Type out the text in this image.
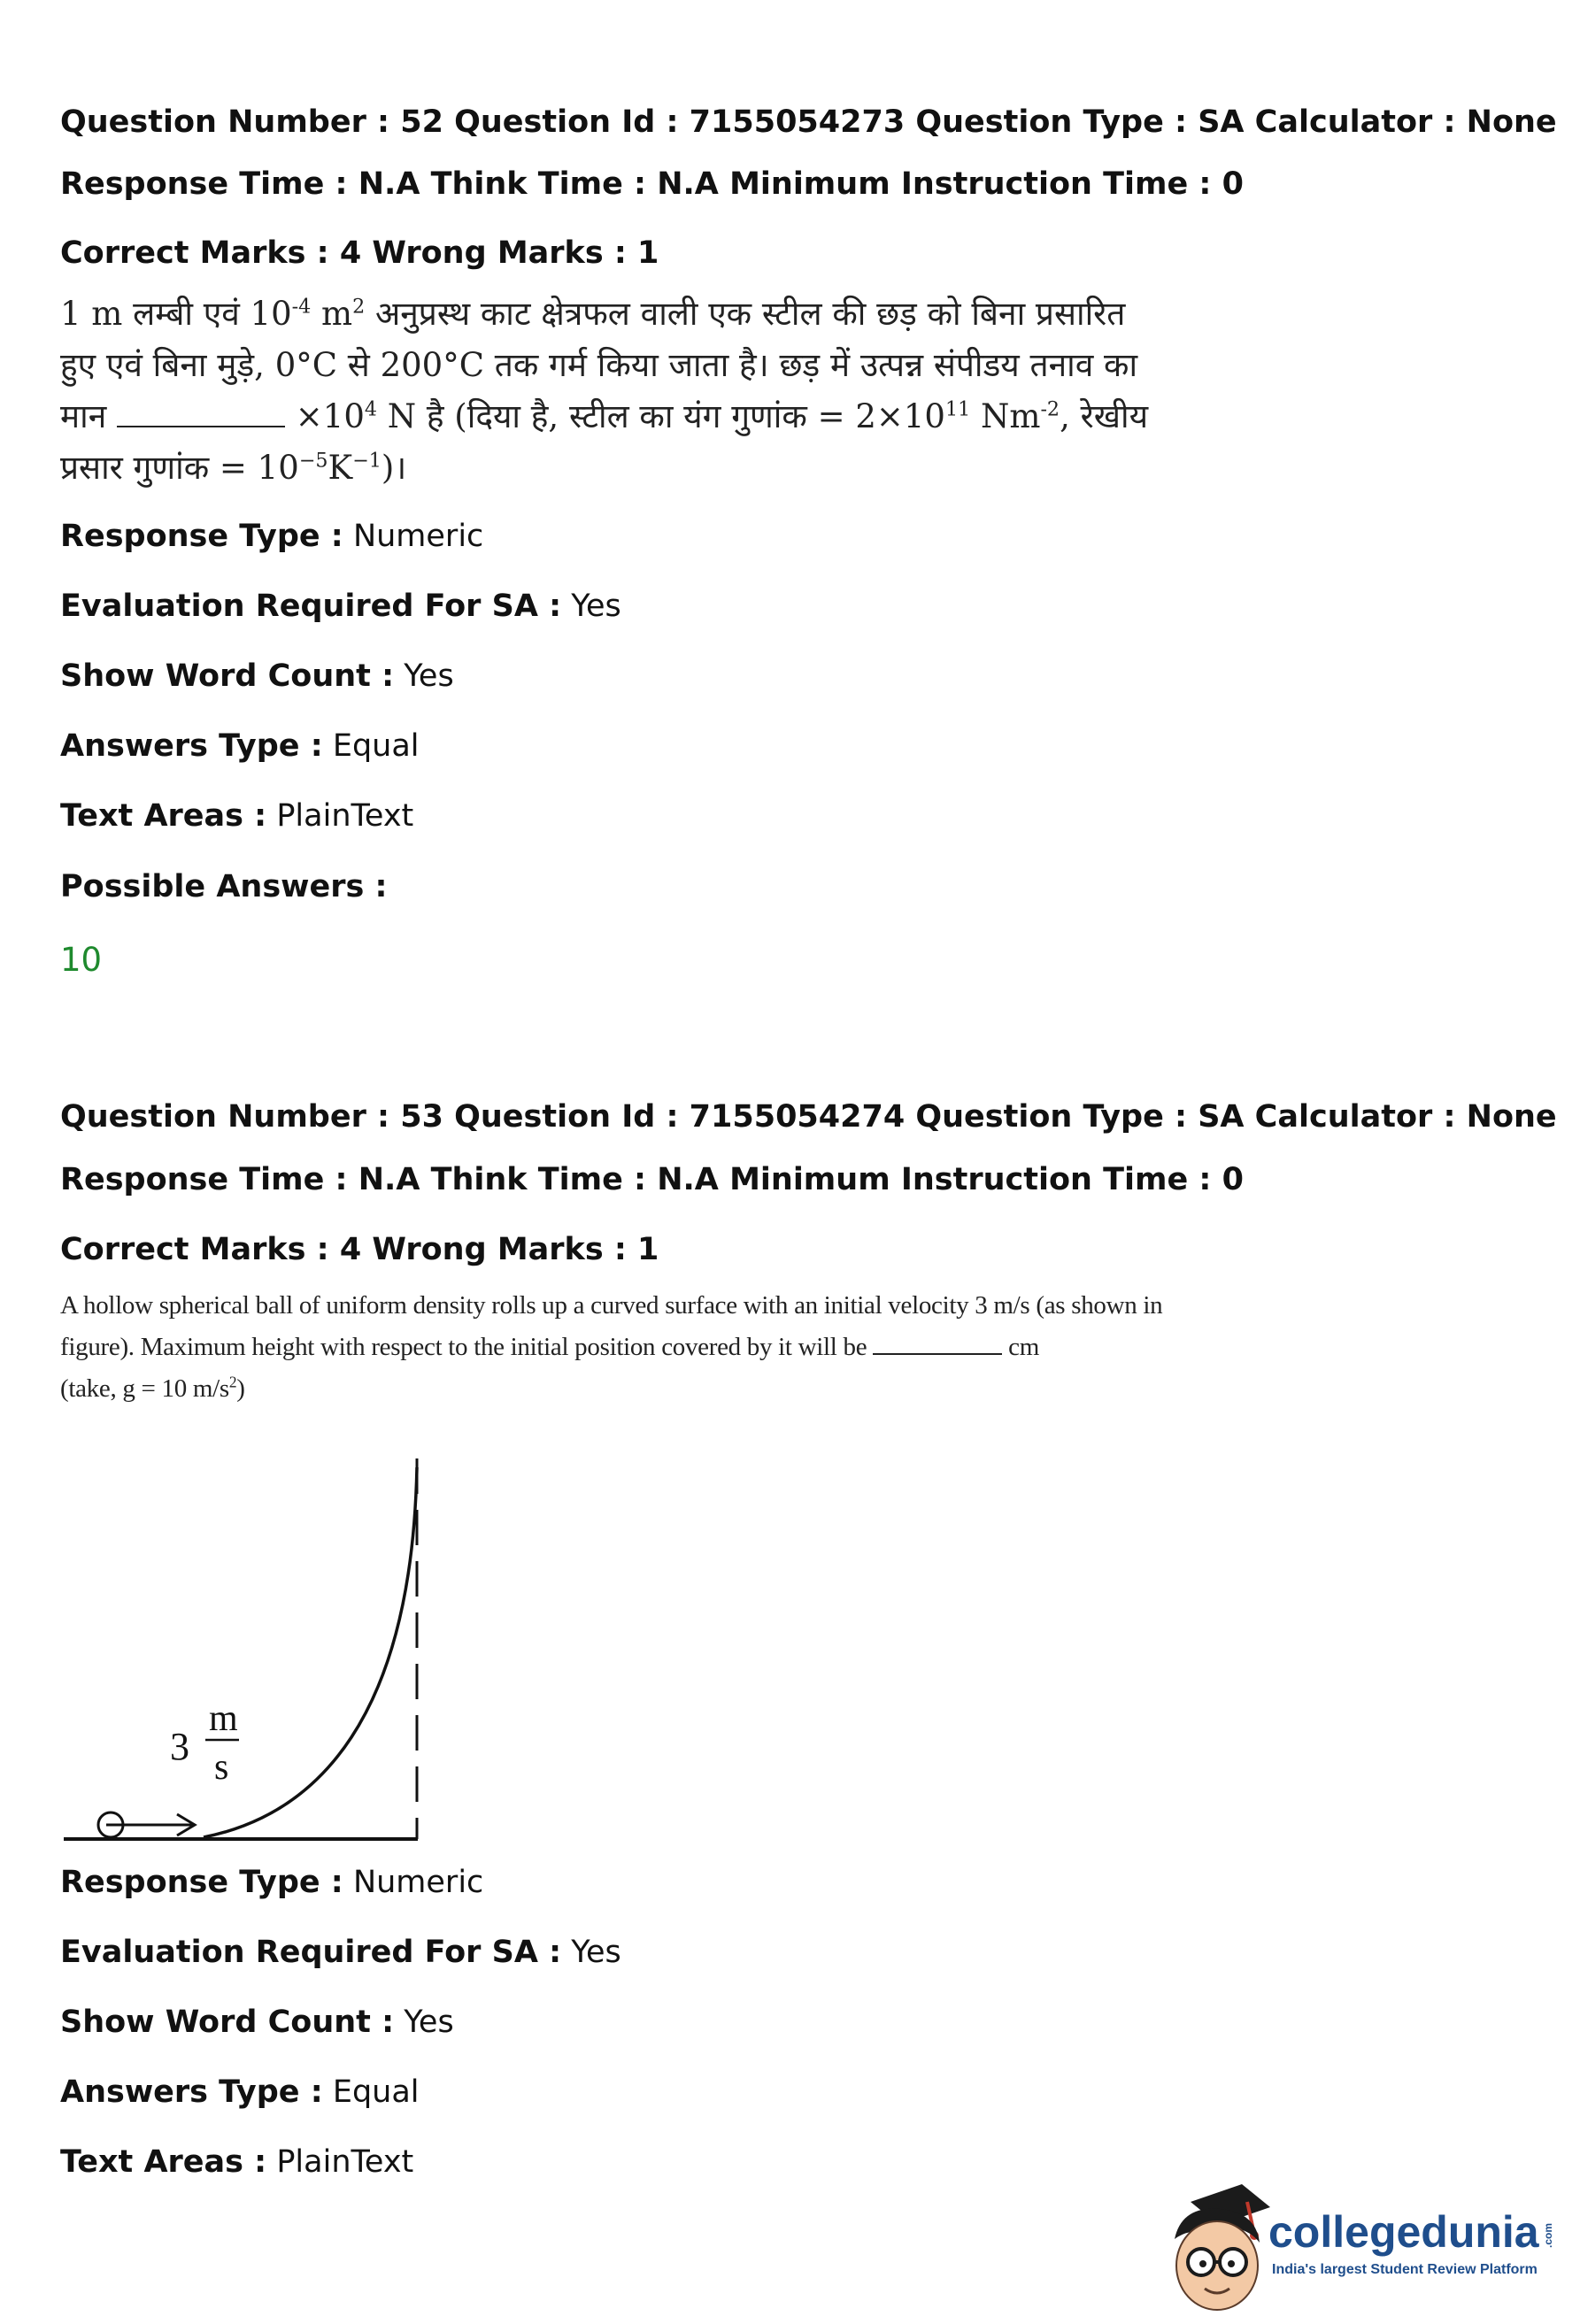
Question Number : 52 Question Id : 7155054273 Question Type : SA Calculator : None
Response Time : N.A Think Time : N.A Minimum Instruction Time : 0
Correct Marks : 4 Wrong Marks : 1
1 m लम्बी एवं $10^{-4}$ $m^2$ अनुप्रस्थ काट क्षेत्रफल वाली एक स्टील की छड़ को बिना प्रसारित
हुए एवं बिना मुड़े, 0°C से 200°C तक गर्म किया जाता है। छड़ में उत्पन्न संपीडय तनाव का
मान	$\times 10^4$ N है (दिया है, स्टील का यंग गुणांक = $2\times 10^{11}$ $Nm^{-2}$, रेखीय
प्रसार गुणांक = $10^{-5}K^{-1})।$
Response Type : Numeric
Evaluation Required For SA : Yes
Show Word Count : Yes
Answers Type : Equal
Text Areas : PlainText
Possible Answers :
10
Question Number : 53 Question Id : 7155054274 Question Type : SA Calculator : None
Response Time : N.A Think Time : N.A Minimum Instruction Time : 0
Correct Marks : 4 Wrong Marks : 1
A hollow spherical ball of uniform density rolls up a curved surface with an initial velocity 3 m/s (as shown in
figure). Maximum height with respect to the initial position covered by it will be	cm
(take, g = 10 $m/s^2$)
3
m
s
Response Type : Numeric
Evaluation Required For SA : Yes
Show Word Count : Yes
Answers Type : Equal
Text Areas : PlainText
collegedunia .com
India's largest Student Review Platform
